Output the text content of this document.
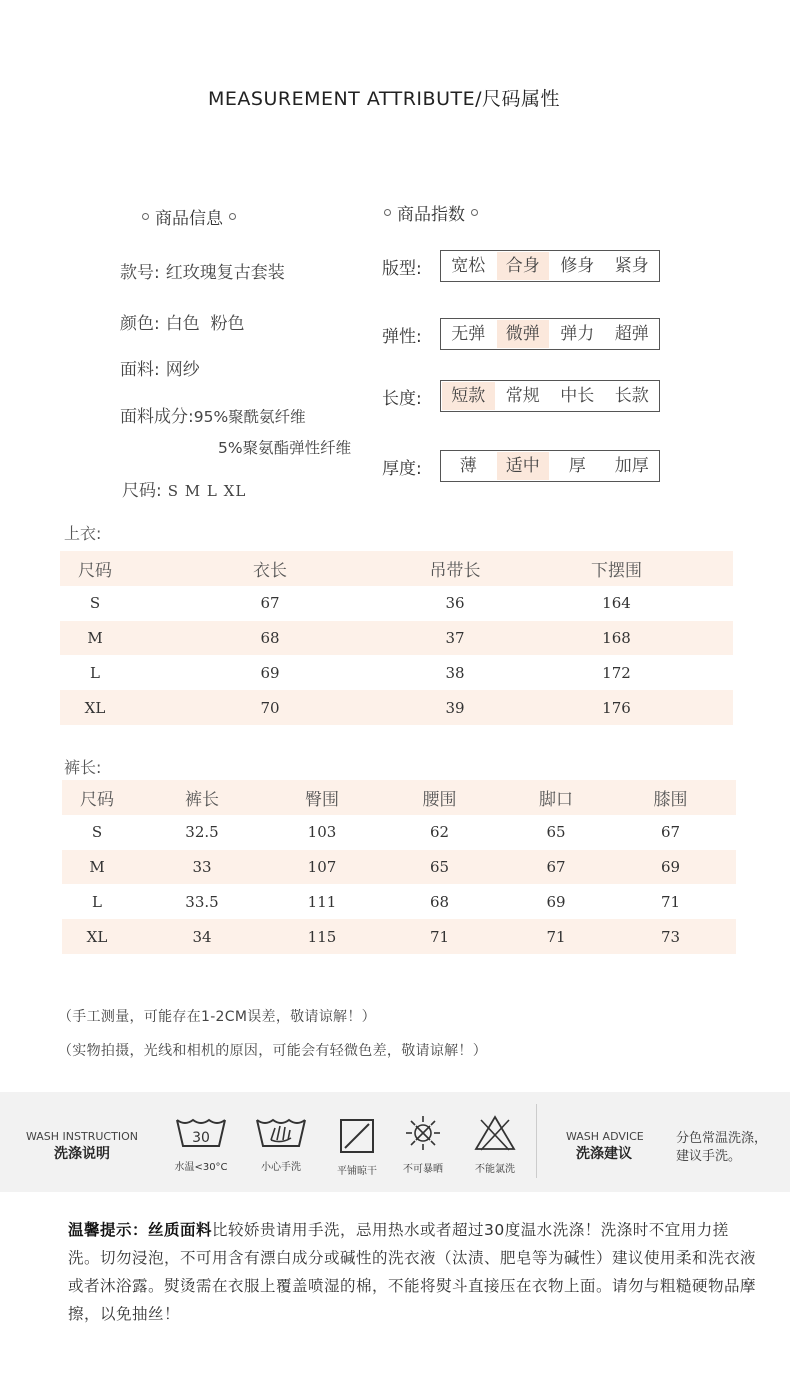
MEASUREMENT ATTRIBUTE/尺码属性
商品信息
款号: 红玫瑰复古套装
颜色: 白色  粉色
面料: 网纱
面料成分:95%聚酰氨纤维
5%聚氨酯弹性纤维
尺码: S M L XL
商品指数
版型:	宽松	合身	修身	紧身
弹性:	无弹	微弹	弹力	超弹
长度:	短款	常规	中长	长款
厚度:	薄	适中	厚	加厚
上衣:
尺码	衣长	吊带长	下摆围
S	67	36	164
M	68	37	168
L	69	38	172
XL	70	39	176
裤长:
尺码	裤长	臀围	腰围	脚口	膝围
S	32.5	103	62	65	67
M	33	107	65	67	69
L	33.5	111	68	69	71
XL	34	115	71	71	73
（手工测量，可能存在1-2CM误差，敬请谅解！）
（实物拍摄，光线和相机的原因，可能会有轻微色差，敬请谅解！）
WASH INSTRUCTION
洗涤说明
30
水温<30°C	小心手洗	平铺晾干	不可暴晒	不能氯洗
WASH ADVICE
洗涤建议
分色常温洗涤，
建议手洗。
温馨提示：丝质面料比较娇贵请用手洗，忌用热水或者超过30度温水洗涤！洗涤时不宜用力搓洗。切勿浸泡，不可用含有漂白成分或碱性的洗衣液（汰渍、肥皂等为碱性）建议使用柔和洗衣液或者沐浴露。熨烫需在衣服上覆盖喷湿的棉，不能将熨斗直接压在衣物上面。请勿与粗糙硬物品摩擦，以免抽丝！
